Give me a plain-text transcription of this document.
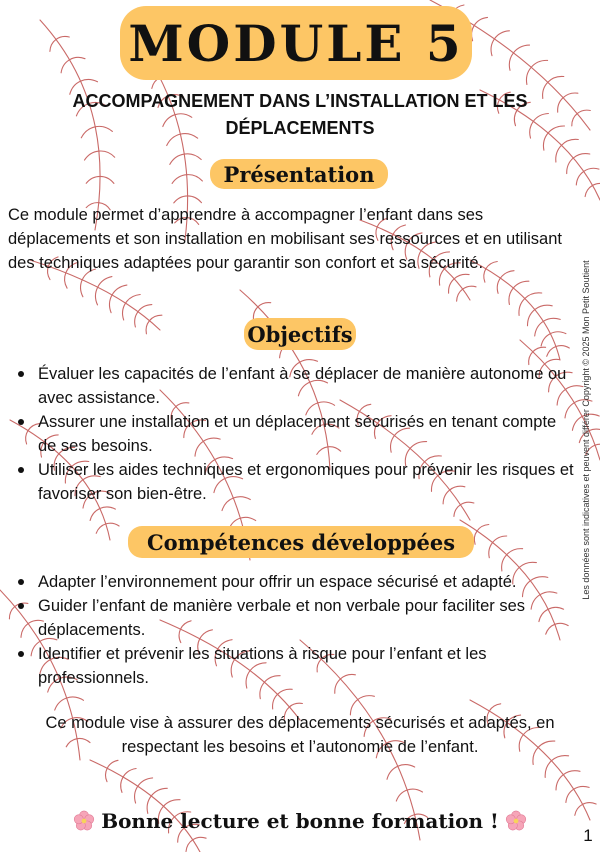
MODULE 5
ACCOMPAGNEMENT DANS L’INSTALLATION ET LES DÉPLACEMENTS
Présentation
Ce module permet d’apprendre à accompagner l’enfant dans ses déplacements et son installation en mobilisant ses ressources et en utilisant des techniques adaptées pour garantir son confort et sa sécurité.
Objectifs
Évaluer les capacités de l’enfant à se déplacer de manière autonome ou avec assistance.
Assurer une installation et un déplacement sécurisés en tenant compte de ses besoins.
Utiliser les aides techniques et ergonomiques pour prévenir les risques et favoriser son bien-être.
Compétences développées
Adapter l’environnement pour offrir un espace sécurisé et adapté.
Guider l’enfant de manière verbale et non verbale pour faciliter ses déplacements.
Identifier et prévenir les situations à risque pour l’enfant et les professionnels.
Ce module vise à assurer des déplacements sécurisés et adaptés, en respectant les besoins et l’autonomie de l’enfant.
Bonne lecture et bonne formation !
1
Les données sont indicatives et peuvent différer Copyright © 2025 Mon Petit Soutient
